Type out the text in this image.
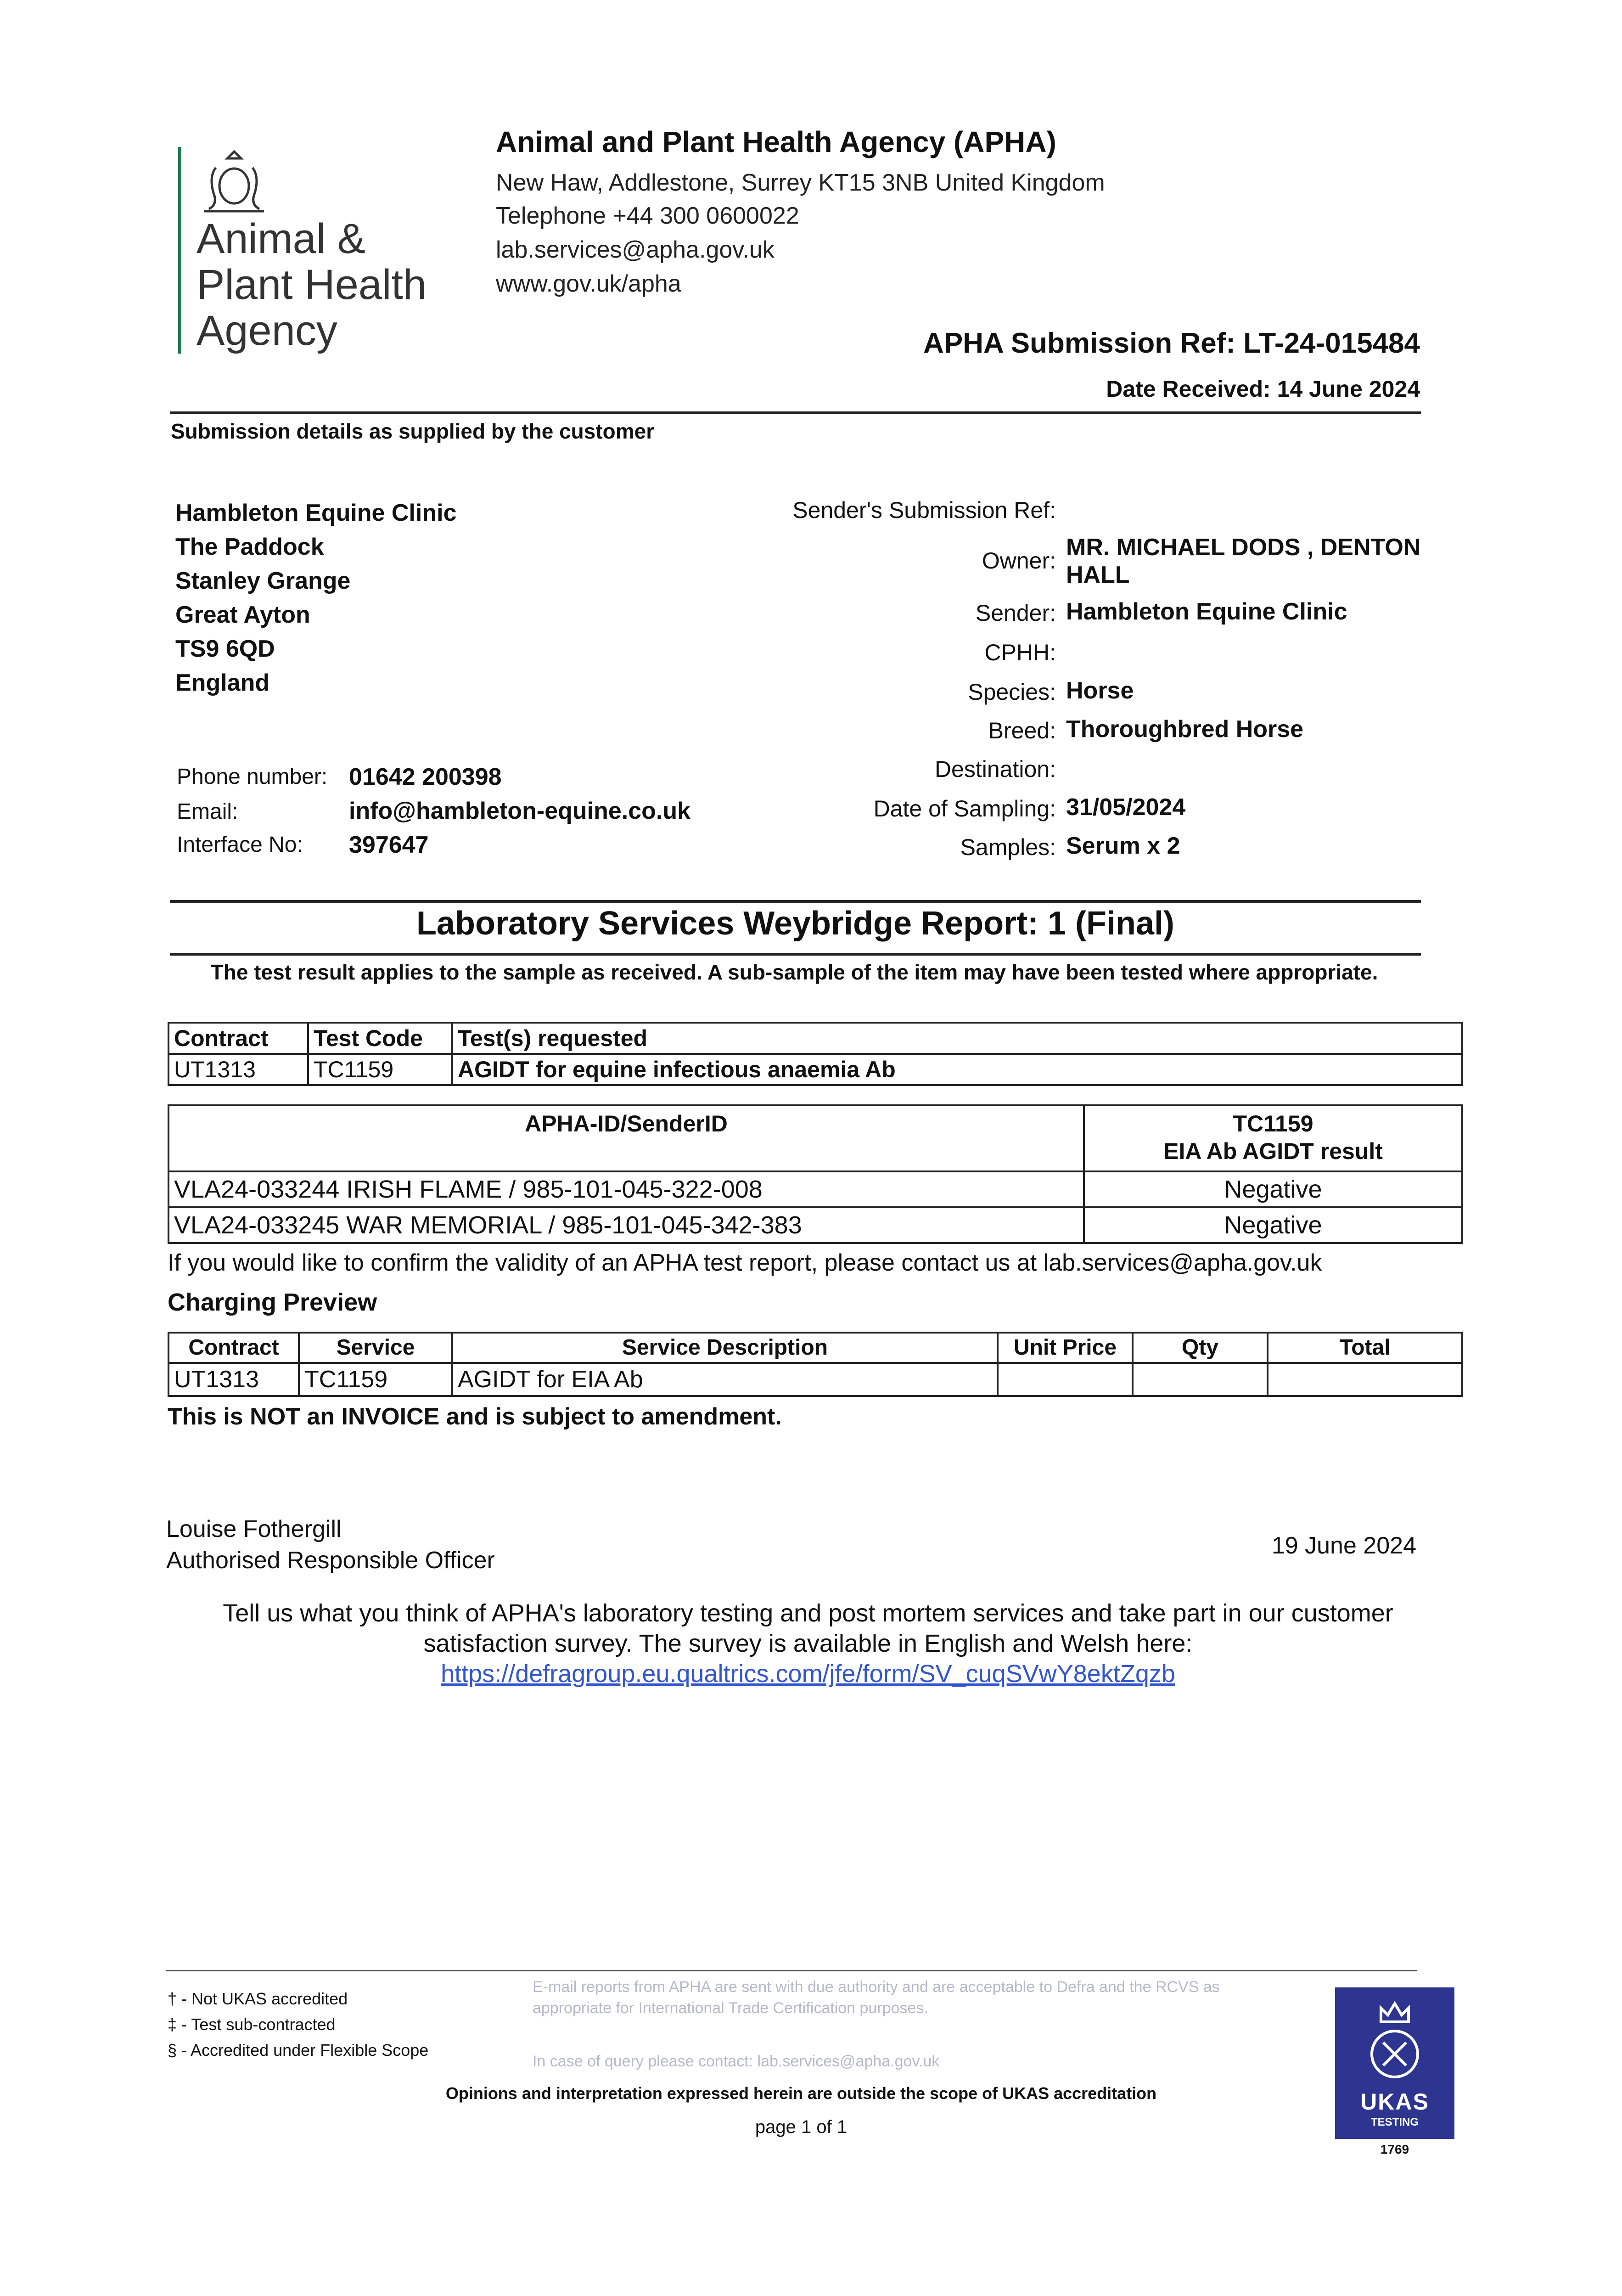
Animal &
Plant Health
Agency
Animal and Plant Health Agency (APHA)
New Haw, Addlestone, Surrey KT15 3NB United Kingdom
Telephone +44 300 0600022
lab.services@apha.gov.uk
www.gov.uk/apha
APHA Submission Ref: LT-24-015484
Date Received: 14 June 2024
Submission details as supplied by the customer
Hambleton Equine Clinic
The Paddock
Stanley Grange
Great Ayton
TS9 6QD
England
Phone number: 01642 200398
Email:	info@hambleton-equine.co.uk
Interface No: 397647
Sender's Submission Ref:
Owner: MR. MICHAEL DODS , DENTON HALL
Sender: Hambleton Equine Clinic
CPHH:
Species: Horse
Breed: Thoroughbred Horse
Destination:
Date of Sampling: 31/05/2024
Samples: Serum x 2
Laboratory Services Weybridge Report: 1 (Final)
The test result applies to the sample as received. A sub-sample of the item may have been tested where appropriate.
Contract	Test Code	Test(s) requested
UT1313	TC1159	AGIDT for equine infectious anaemia Ab
APHA-ID/SenderID	TC1159
EIA Ab AGIDT result

VLA24-033244 IRISH FLAME / 985-101-045-322-008	Negative
VLA24-033245 WAR MEMORIAL / 985-101-045-342-383	Negative
If you would like to confirm the validity of an APHA test report, please contact us at lab.services@apha.gov.uk
Charging Preview
Contract	Service	Service Description	Unit Price	Qty	Total
UT1313	TC1159	AGIDT for EIA Ab			
This is NOT an INVOICE and is subject to amendment.
Louise Fothergill
Authorised Responsible Officer
19 June 2024
Tell us what you think of APHA's laboratory testing and post mortem services and take part in our customer
satisfaction survey. The survey is available in English and Welsh here:
https://defragroup.eu.qualtrics.com/jfe/form/SV_cuqSVwY8ektZqzb
† - Not UKAS accredited
‡ - Test sub-contracted
§ - Accredited under Flexible Scope
E-mail reports from APHA are sent with due authority and are acceptable to Defra and the RCVS as appropriate for International Trade Certification purposes.
In case of query please contact: lab.services@apha.gov.uk
Opinions and interpretation expressed herein are outside the scope of UKAS accreditation
page 1 of 1
UKAS
TESTING
1769
